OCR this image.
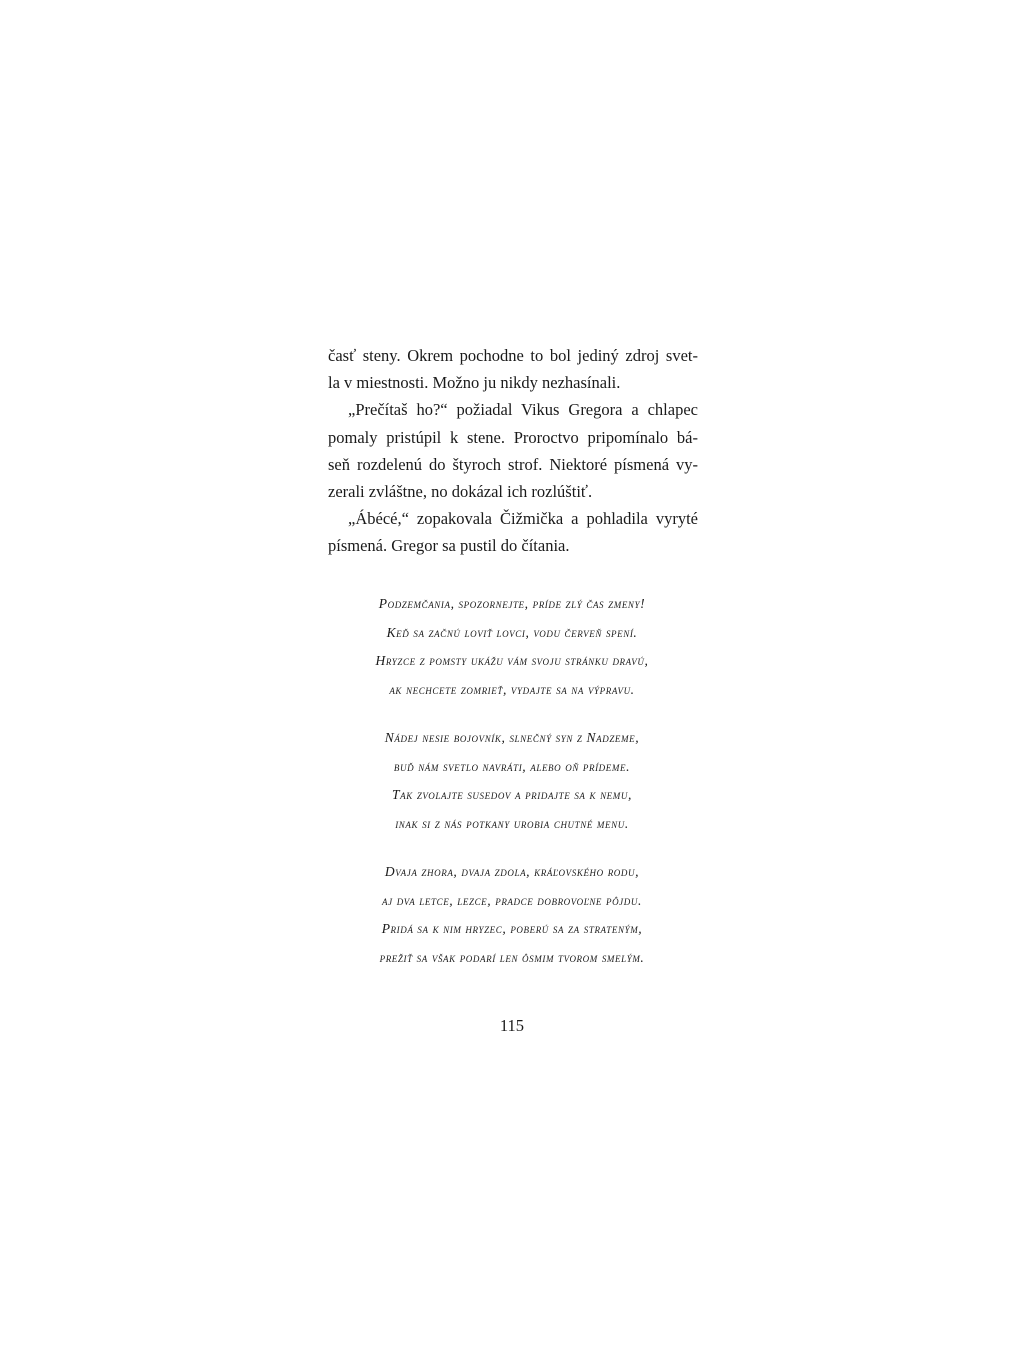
časť steny. Okrem pochodne to bol jediný zdroj svet-
la v miestnosti. Možno ju nikdy nezhasínali.
„Prečítaš ho?“ požiadal Vikus Gregora a chlapec
pomaly pristúpil k stene. Proroctvo pripomínalo bá-
seň rozdelenú do štyroch strof. Niektoré písmená vy-
zerali zvláštne, no dokázal ich rozlúštiť.
„Ábécé,“ zopakovala Čižmička a pohladila vyryté
písmená. Gregor sa pustil do čítania.
Podzemčania, spozornejte, príde zlý čas zmeny!
Keď sa začnú loviť lovci, vodu červeň spení.
Hryzce z pomsty ukážu vám svoju stránku dravú,
ak nechcete zomrieť, vydajte sa na výpravu.
Nádej nesie bojovník, slnečný syn z Nadzeme,
buď nám svetlo navráti, alebo oň prídeme.
Tak zvolajte susedov a pridajte sa k nemu,
inak si z nás potkany urobia chutné menu.
Dvaja zhora, dvaja zdola, kráľovského rodu,
aj dva letce, lezce, pradce dobrovoľne pôjdu.
Pridá sa k nim hryzec, poberú sa za strateným,
prežiť sa však podarí len ôsmim tvorom smelým.
115
